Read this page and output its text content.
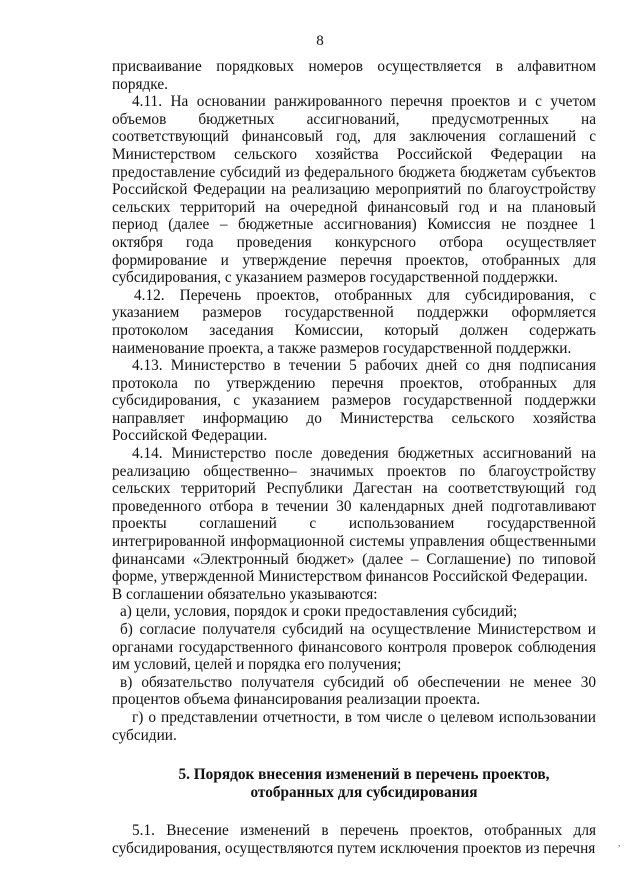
8

присваивание порядковых номеров осуществляется в алфавитном порядке.

4.11. На основании ранжированного перечня проектов и с учетом объемов бюджетных ассигнований, предусмотренных на соответствующий финансовый год, для заключения соглашений с Министерством сельского хозяйства Российской Федерации на предоставление субсидий из федерального бюджета бюджетам субъектов Российской Федерации на реализацию мероприятий по благоустройству сельских территорий на очередной финансовый год и на плановый период (далее – бюджетные ассигнования) Комиссия не позднее 1 октября года проведения конкурсного отбора осуществляет формирование и утверждение перечня проектов, отобранных для субсидирования, с указанием размеров государственной поддержки.

4.12. Перечень проектов, отобранных для субсидирования, с указанием размеров государственной поддержки оформляется протоколом заседания Комиссии, который должен содержать наименование проекта, а также размеров государственной поддержки.

4.13. Министерство в течении 5 рабочих дней со дня подписания протокола по утверждению перечня проектов, отобранных для субсидирования, с указанием размеров государственной поддержки направляет информацию до Министерства сельского хозяйства Российской Федерации.

4.14. Министерство после доведения бюджетных ассигнований на реализацию общественно– значимых проектов по благоустройству сельских территорий Республики Дагестан на соответствующий год проведенного отбора в течении 30 календарных дней подготавливают проекты соглашений с использованием государственной интегрированной информационной системы управления общественными финансами «Электронный бюджет» (далее – Соглашение) по типовой форме, утвержденной Министерством финансов Российской Федерации.

В соглашении обязательно указываются:

а) цели, условия, порядок и сроки предоставления субсидий;

б) согласие получателя субсидий на осуществление Министерством и органами государственного финансового контроля проверок соблюдения им условий, целей и порядка его получения;

в) обязательство получателя субсидий об обеспечении не менее 30 процентов объема финансирования реализации проекта.

г) о представлении отчетности, в том числе о целевом использовании субсидии.

5. Порядок внесения изменений в перечень проектов,
отобранных для субсидирования

5.1. Внесение изменений в перечень проектов, отобранных для субсидирования, осуществляются путем исключения проектов из перечня	,
